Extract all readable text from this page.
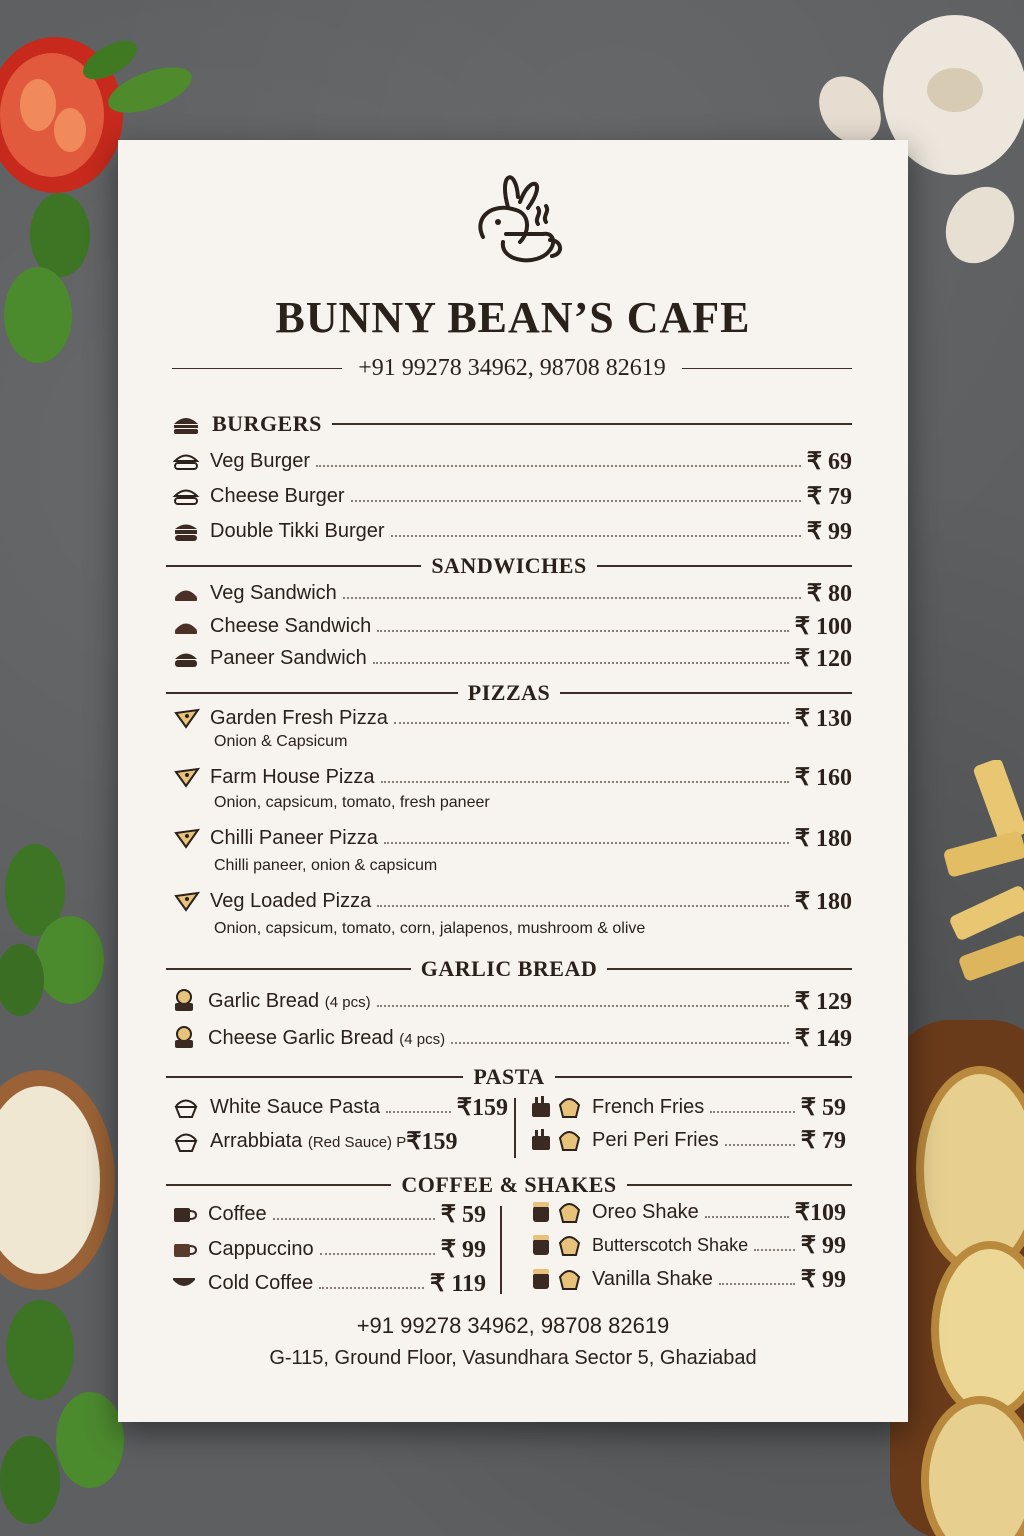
BUNNY BEAN’S CAFE
+91 99278 34962, 98708 82619
BURGERS
Veg Burger	₹ 69
Cheese Burger	₹ 79
Double Tikki Burger	₹ 99
SANDWICHES
Veg Sandwich	₹ 80
Cheese Sandwich	₹ 100
Paneer Sandwich	₹ 120
PIZZAS
Garden Fresh Pizza	₹ 130
Onion & Capsicum
Farm House Pizza	₹ 160
Onion, capsicum, tomato, fresh paneer
Chilli Paneer Pizza	₹ 180
Chilli paneer, onion & capsicum
Veg Loaded Pizza	₹ 180
Onion, capsicum, tomato, corn, jalapenos, mushroom & olive
GARLIC BREAD
Garlic Bread (4 pcs)	₹ 129
Cheese Garlic Bread (4 pcs)	₹ 149
PASTA
White Sauce Pasta	₹159
Arrabbiata (Red Sauce) P ₹159
French Fries	₹ 59
Peri Peri Fries	₹ 79
COFFEE & SHAKES
Coffee	₹ 59
Cappuccino	₹ 99
Cold Coffee	₹ 119
Oreo Shake	₹109
Butterscotch Shake ₹ 99
Vanilla Shake	₹ 99
+91 99278 34962, 98708 82619
G-115, Ground Floor, Vasundhara Sector 5, Ghaziabad
